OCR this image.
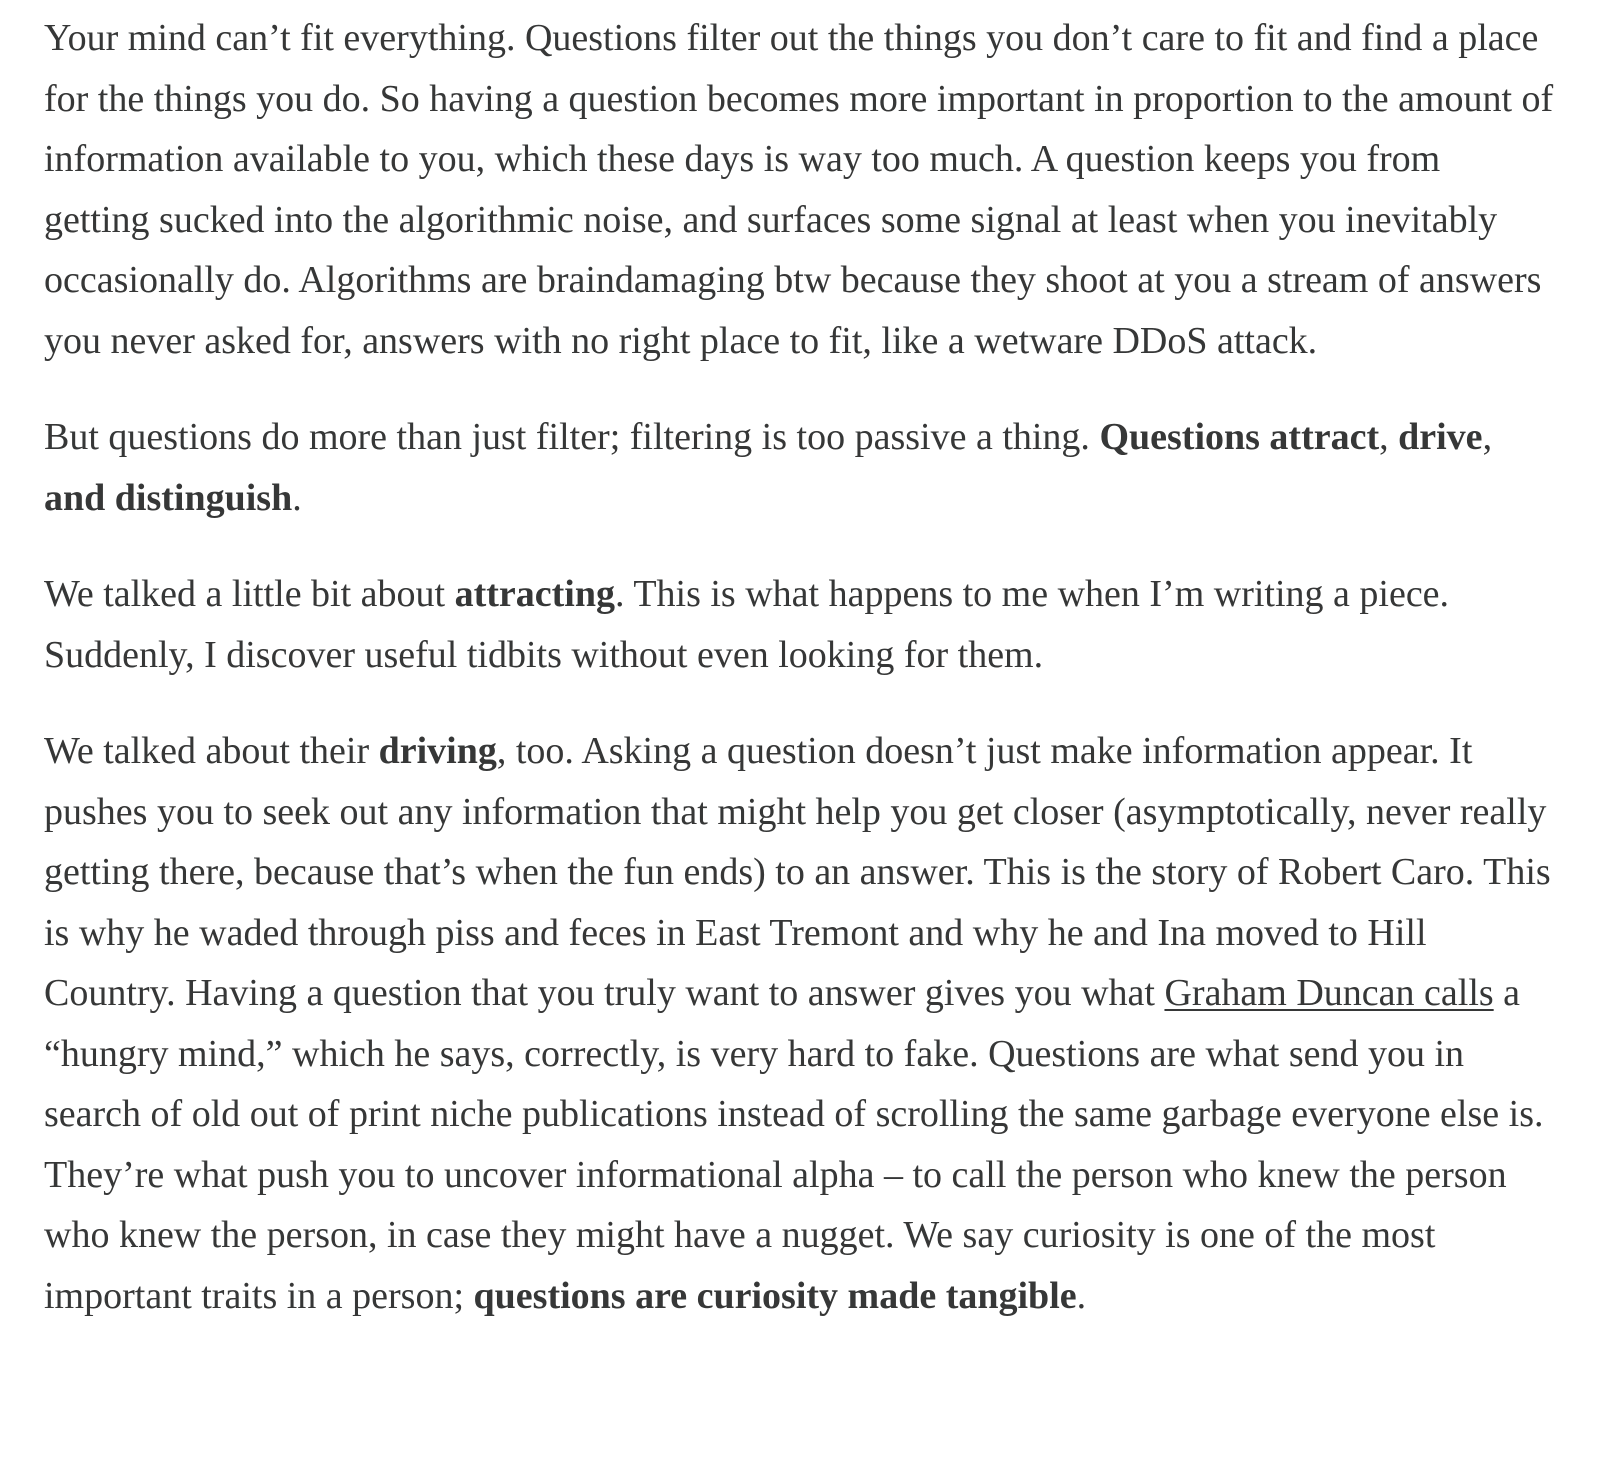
Your mind can’t fit everything. Questions filter out the things you don’t care to fit and find a place for the things you do. So having a question becomes more important in proportion to the amount of information available to you, which these days is way too much. A question keeps you from getting sucked into the algorithmic noise, and surfaces some signal at least when you inevitably occasionally do. Algorithms are braindamaging btw because they shoot at you a stream of answers you never asked for, answers with no right place to fit, like a wetware DDoS attack.

But questions do more than just filter; filtering is too passive a thing. Questions attract, drive, and distinguish.

We talked a little bit about attracting. This is what happens to me when I’m writing a piece. Suddenly, I discover useful tidbits without even looking for them.

We talked about their driving, too. Asking a question doesn’t just make information appear. It pushes you to seek out any information that might help you get closer (asymptotically, never really getting there, because that’s when the fun ends) to an answer. This is the story of Robert Caro. This is why he waded through piss and feces in East Tremont and why he and Ina moved to Hill Country. Having a question that you truly want to answer gives you what Graham Duncan calls a “hungry mind,” which he says, correctly, is very hard to fake. Questions are what send you in search of old out of print niche publications instead of scrolling the same garbage everyone else is. They’re what push you to uncover informational alpha – to call the person who knew the person who knew the person, in case they might have a nugget. We say curiosity is one of the most important traits in a person; questions are curiosity made tangible.
